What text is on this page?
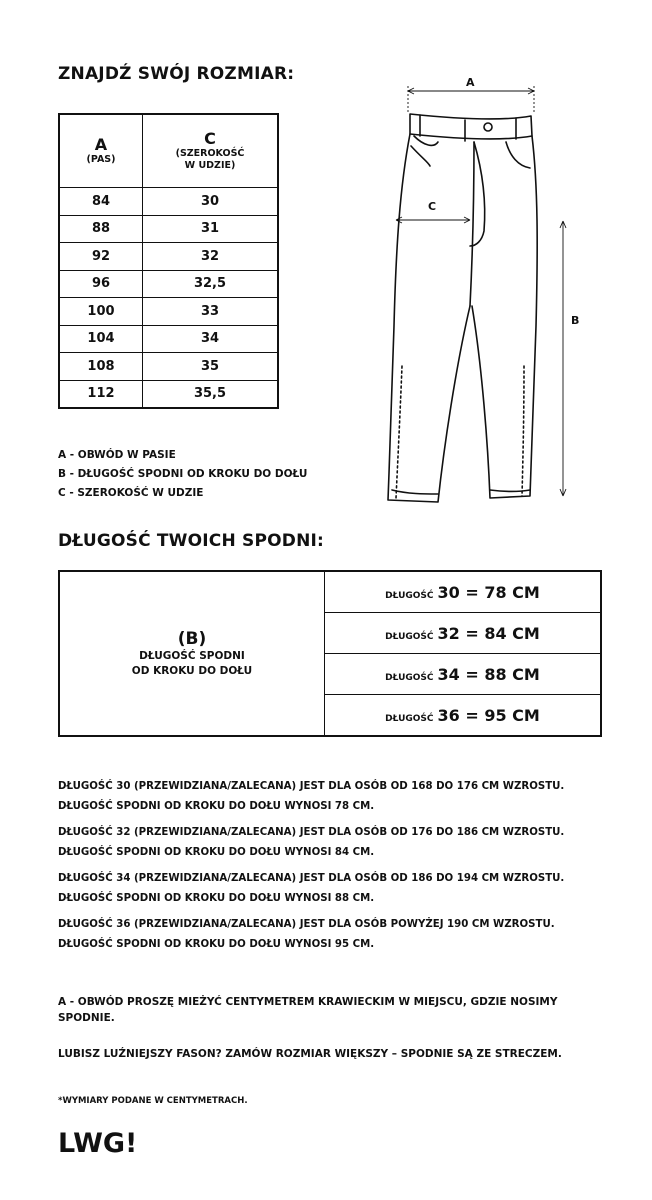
ZNAJDŹ SWÓJ ROZMIAR:
A
(PAS)	C
(SZEROKOŚĆ
W UDZIE)

84	30
88	31
92	32
96	32,5
100	33
104	34
108	35
112	35,5
A - OBWÓD W PASIE
B - DŁUGOŚĆ SPODNI OD KROKU DO DOŁU
C - SZEROKOŚĆ W UDZIE
A
C
B
DŁUGOŚĆ TWOICH SPODNI:
(B)
DŁUGOŚĆ SPODNI
OD KROKU DO DOŁU
	DŁUGOŚĆ 30 = 78 CM
DŁUGOŚĆ 32 = 84 CM
DŁUGOŚĆ 34 = 88 CM
DŁUGOŚĆ 36 = 95 CM

DŁUGOŚĆ 30 (PRZEWIDZIANA/ZALECANA) JEST DLA OSÓB OD 168 DO 176 CM WZROSTU.

DŁUGOŚĆ SPODNI OD KROKU DO DOŁU WYNOSI 78 CM.

DŁUGOŚĆ 32 (PRZEWIDZIANA/ZALECANA) JEST DLA OSÓB OD 176 DO 186 CM WZROSTU.

DŁUGOŚĆ SPODNI OD KROKU DO DOŁU WYNOSI 84 CM.

DŁUGOŚĆ 34 (PRZEWIDZIANA/ZALECANA) JEST DLA OSÓB OD 186 DO 194 CM WZROSTU.

DŁUGOŚĆ SPODNI OD KROKU DO DOŁU WYNOSI 88 CM.

DŁUGOŚĆ 36 (PRZEWIDZIANA/ZALECANA) JEST DLA OSÓB POWYŻEJ 190 CM WZROSTU.

DŁUGOŚĆ SPODNI OD KROKU DO DOŁU WYNOSI 95 CM.

A - OBWÓD PROSZĘ MIEŻYĆ CENTYMETREM KRAWIECKIM W MIEJSCU, GDZIE NOSIMY SPODNIE.

LUBISZ LUŹNIEJSZY FASON? ZAMÓW ROZMIAR WIĘKSZY – SPODNIE SĄ ZE STRECZEM.

*WYMIARY PODANE W CENTYMETRACH.

LWG!
